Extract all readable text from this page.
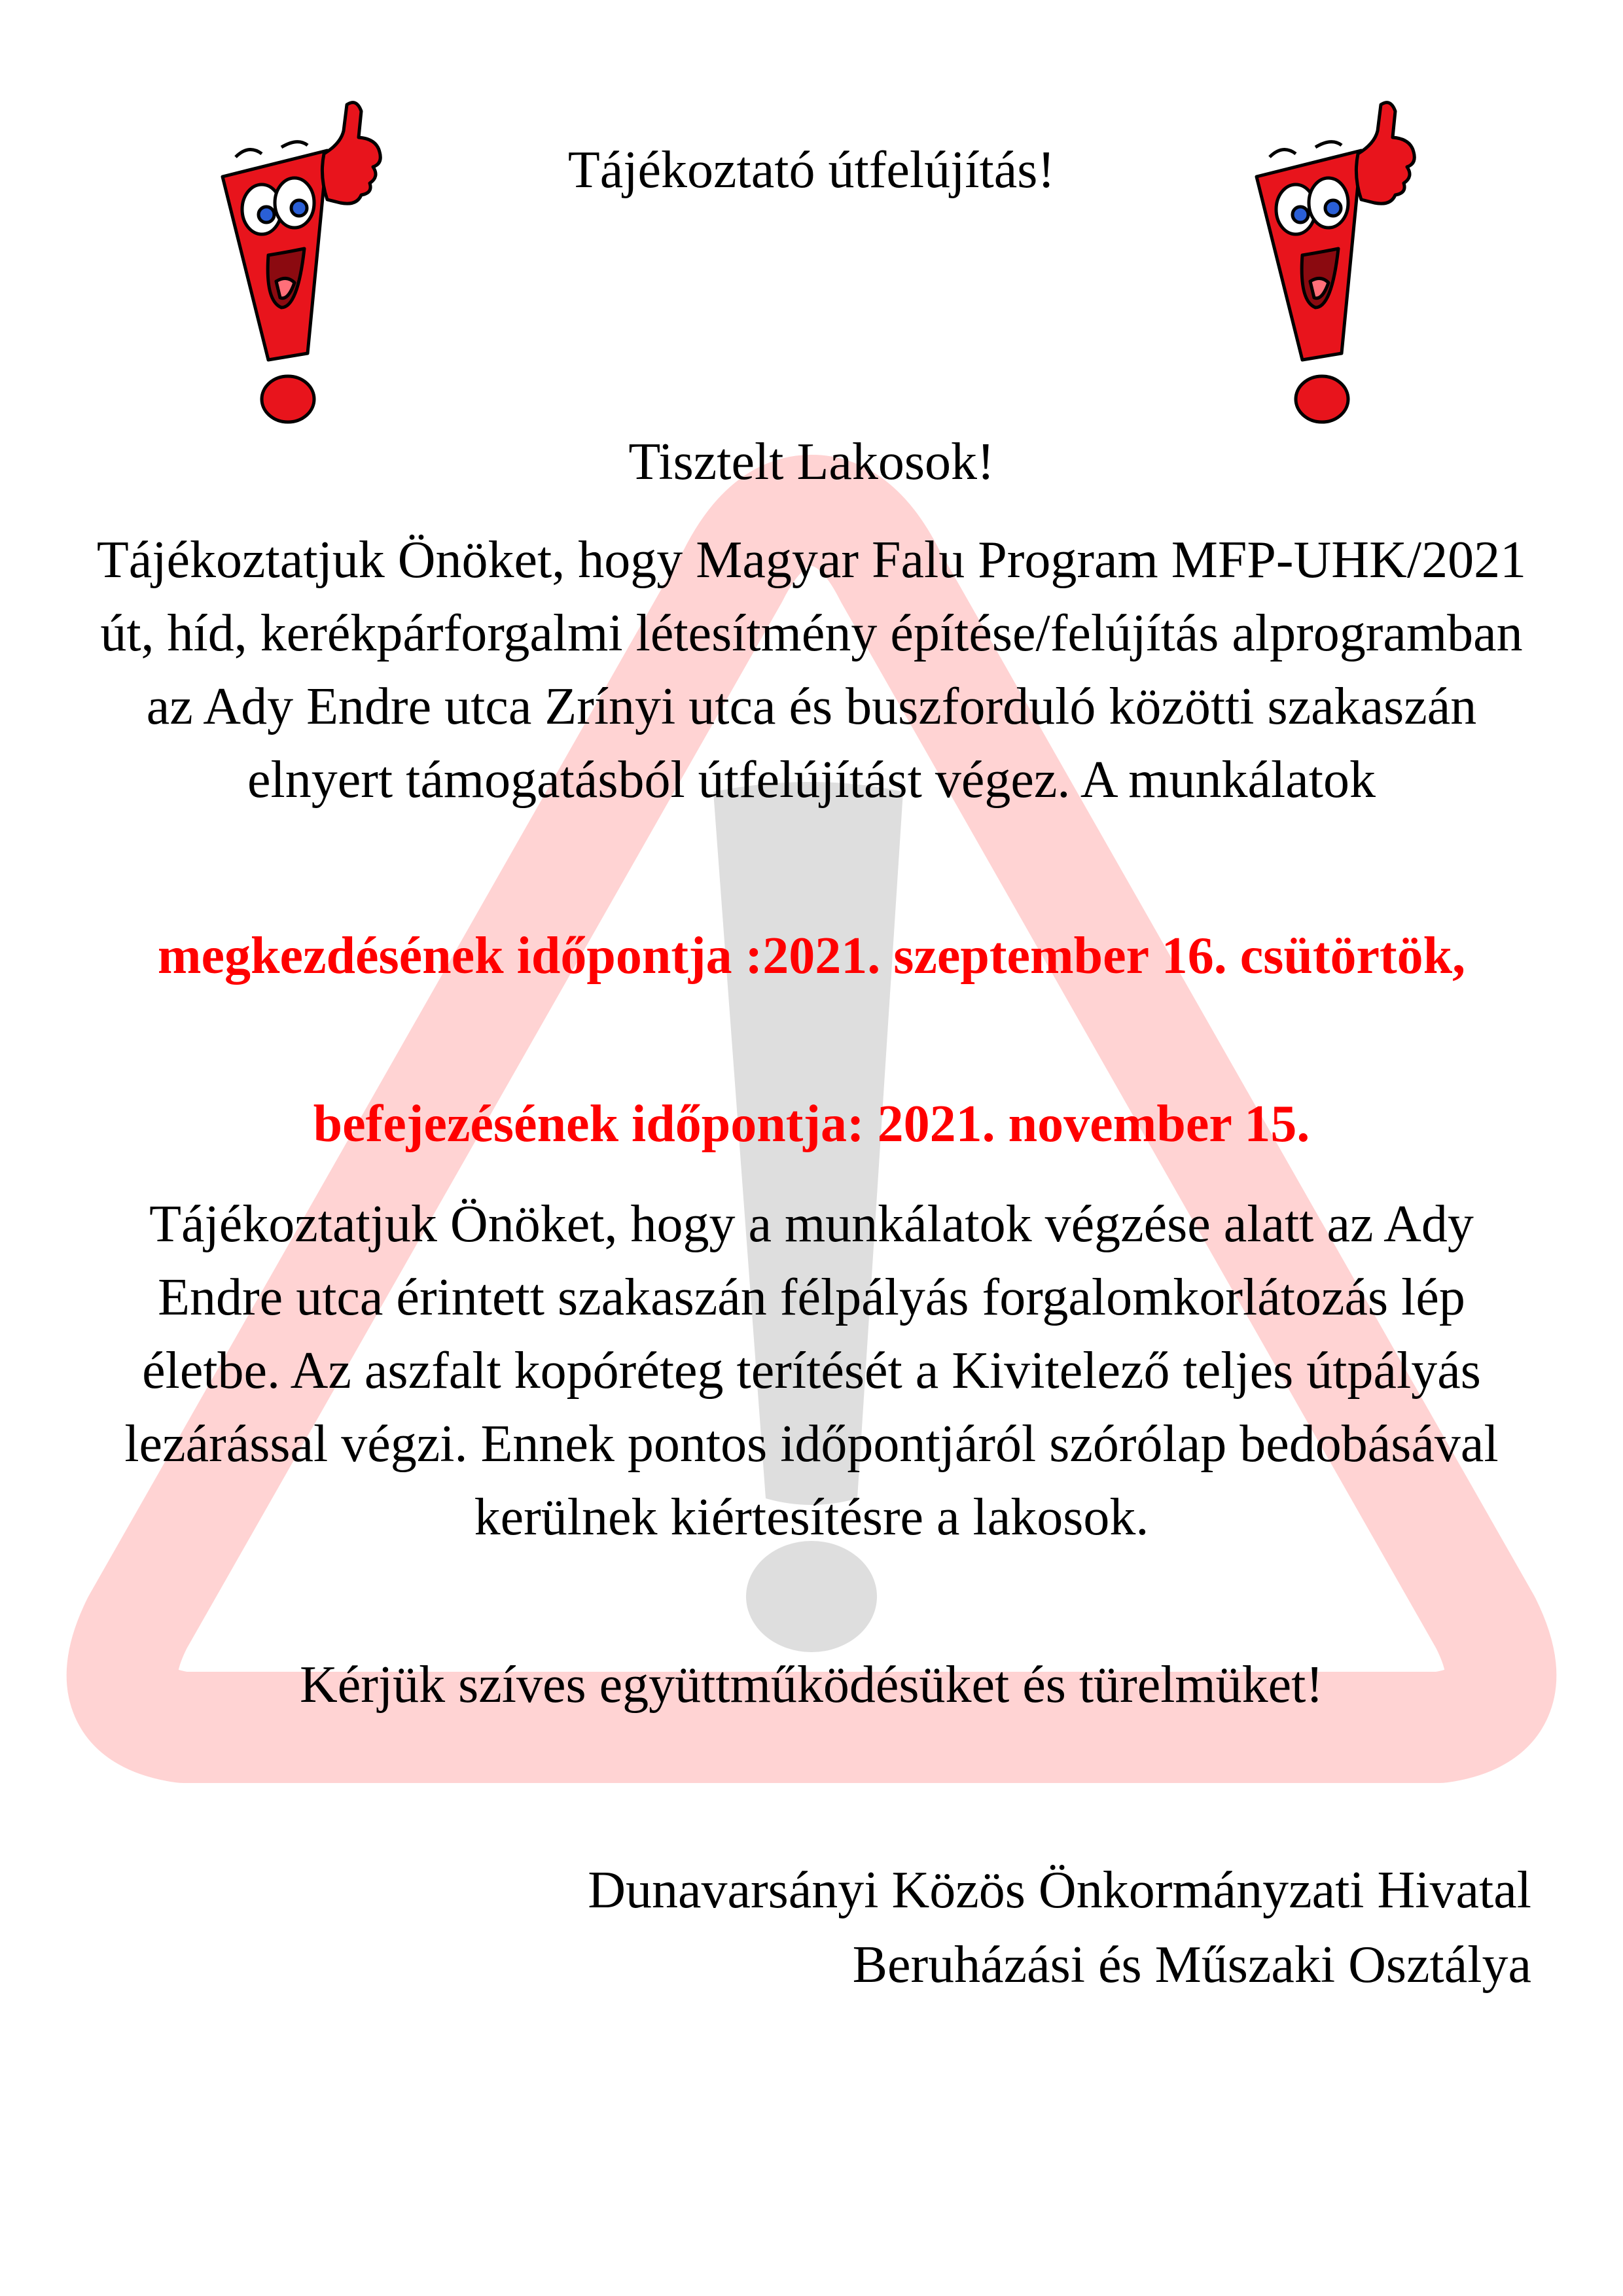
Tájékoztató útfelújítás!
Tisztelt Lakosok!
Tájékoztatjuk Önöket, hogy Magyar Falu Program MFP-UHK/2021 út, híd, kerékpárforgalmi létesítmény építése/felújítás alprogramban az Ady Endre utca Zrínyi utca és buszforduló közötti szakaszán elnyert támogatásból útfelújítást végez. A munkálatok
megkezdésének időpontja :2021. szeptember 16. csütörtök,
befejezésének időpontja: 2021. november 15.
Tájékoztatjuk Önöket, hogy a munkálatok végzése alatt az Ady Endre utca érintett szakaszán félpályás forgalomkorlátozás lép életbe. Az aszfalt kopóréteg terítését a Kivitelező teljes útpályás lezárással végzi. Ennek pontos időpontjáról szórólap bedobásával kerülnek kiértesítésre a lakosok.
Kérjük szíves együttműködésüket és türelmüket!
Dunavarsányi Közös Önkormányzati Hivatal
Beruházási és Műszaki Osztálya
